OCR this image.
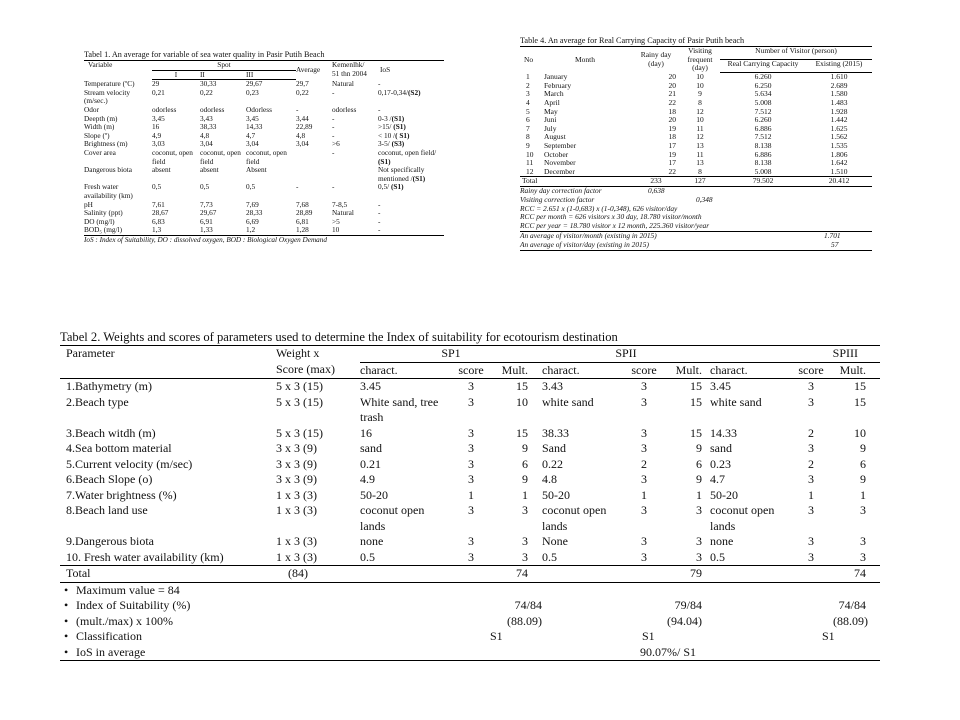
Tabel 1. An average for variable of sea water quality in Pasir Putih Beach
Variable	Spot			Average	Kemenlhk/ 51 thn 2004	IoS
	I	II	III			
Temperature (ºC)	29	30,33	29,67	29,7	Natural	-
Stream velocity (m/sec.)	0,21	0,22	0,23	0,22	-	0,17-0,34/(S2)
Odor	odorless	odorless	Odorless	-	odorless	-
Deepth (m)	3,45	3,43	3,45	3,44	-	0-3 /(S1)
Width (m)	16	38,33	14,33	22,89	-	>15/ (S1)
Slope (º)	4,9	4,8	4,7	4,8	-	< 10 /( S1)
Brightness (m)	3,03	3,04	3,04	3,04	>6	3-5/ (S3)
Cover area	coconut, open field	coconut, open field	coconut, open field		-	coconut, open field/ (S1)
Dangerous biota	absent	absent	Absent			Not specifically mentioned /(S1)
Fresh water availability (km)	0,5	0,5	0,5	-	-	0,5/ (S1)
pH	7,61	7,73	7,69	7,68	7-8,5	-
Salinity (ppt)	28,67	29,67	28,33	28,89	Natural	-
DO (mg/l)	6,83	6,91	6,69	6,81	>5	-
BOD₅ (mg/l)	1,3	1,33	1,2	1,28	10	-
IoS : Index of Suitability, DO : dissolved oxygen, BOD : Biological Oxygen Demand
Table 4. An average for Real Carrying Capacity of Pasir Putih beach
No	Month	Rainy day (day)	Visiting frequent (day)	Number of Visitor (person)	
				Real Carrying Capacity	Existing (2015)
1	January	20	10	6.260	1.610
2	February	20	10	6.250	2.689
3	March	21	9	5.634	1.580
4	April	22	8	5.008	1.483
5	May	18	12	7.512	1.928
6	Juni	20	10	6.260	1.442
7	July	19	11	6.886	1.625
8	August	18	12	7.512	1.562
9	September	17	13	8.138	1.535
10	October	19	11	6.886	1.806
11	November	17	13	8.138	1.642
12	December	22	8	5.008	1.510
Total		233	127	79.502	20.412
Rainy day correction factor	0,638
Visiting correction factor	0,348
RCC = 2.651 x (1-0,683) x (1-0,348), 626 visitor/day
RCC per month = 626 visitors x 30 day, 18.780 visitor/month
RCC per year = 18.780 visitor x 12 month, 225.360 visitor/year
An average of visitor/month (existing in 2015)	1.701
An average of visitor/day (existing in 2015)	57
Tabel 2. Weights and scores of parameters used to determine the Index of suitability for ecotourism destination
Parameter	Weight x	SP1				SPII				SPIII		
	Score (max)	charact.	score	Mult.		charact.	score	Mult.		charact.	score	Mult.
1.Bathymetry (m)	5 x 3 (15)	3.45	3	15		3.43	3	15		3.45	3	15
2.Beach type	5 x 3 (15)	White sand, tree trash	3	10		white sand	3	15		white sand	3	15
3.Beach witdh (m)	5 x 3 (15)	16	3	15		38.33	3	15		14.33	2	10
4.Sea bottom material	3 x 3 (9)	sand	3	9		Sand	3	9		sand	3	9
5.Current velocity (m/sec)	3 x 3 (9)	0.21	3	6		0.22	2	6		0.23	2	6
6.Beach Slope (o)	3 x 3 (9)	4.9	3	9		4.8	3	9		4.7	3	9
7.Water brightness (%)	1 x 3 (3)	50-20	1	1		50-20	1	1		50-20	1	1
8.Beach land use	1 x 3 (3)	coconut open lands	3	3		coconut open lands	3	3		coconut open lands	3	3
9.Dangerous biota	1 x 3 (3)	none	3	3		None	3	3		none	3	3
10. Fresh water availability (km)	1 x 3 (3)	0.5	3	3		0.5	3	3		0.5	3	3
Total	(84)			74				79				74
• Maximum value = 84												
• Index of Suitability (%)		74/84				79/84				74/84		
• (mult./max) x 100%		(88.09)				(94.04)				(88.09)		
• Classification		S1				S1				S1		
• IoS in average						90.07%/ S1						
